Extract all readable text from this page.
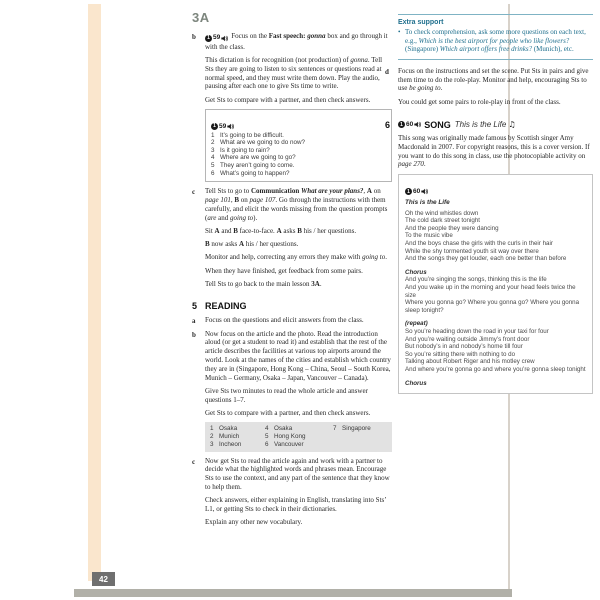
3A
b	1 59 Focus on the Fast speech: gonna box and go through it with the class.

This dictation is for recognition (not production) of gonna. Tell Sts they are going to listen to six sentences or questions read at normal speed, and they must write them down. Play the audio, pausing after each one to give Sts time to write.

Get Sts to compare with a partner, and then check answers.

1 59
1 It’s going to be difficult.
2 What are we going to do now?
3 Is it going to rain?
4 Where are we going to go?
5 They aren’t going to come.
6 What’s going to happen?
c	Tell Sts to go to Communication What are your plans?, A on page 101, B on page 107. Go through the instructions with them carefully, and elicit the words missing from the question prompts (are and going to).

Sit A and B face-to-face. A asks B his / her questions.

B now asks A his / her questions.

Monitor and help, correcting any errors they make with going to.

When they have finished, get feedback from some pairs.

Tell Sts to go back to the main lesson 3A.

5 READING
a	Focus on the questions and elicit answers from the class.

b	Now focus on the article and the photo. Read the introduction aloud (or get a student to read it) and establish that the rest of the article describes the facilities at various top airports around the world. Look at the names of the cities and establish which country they are in (Singapore, Hong Kong – China, Seoul – South Korea, Munich – Germany, Osaka – Japan, Vancouver – Canada).

Give Sts two minutes to read the whole article and answer questions 1–7.

Get Sts to compare with a partner, and then check answers.

1 Osaka
2 Munich
3 Incheon
4 Osaka
5 Hong Kong
6 Vancouver
7 Singapore
c	Now get Sts to read the article again and work with a partner to decide what the highlighted words and phrases mean. Encourage Sts to use the context, and any part of the sentence that they know to help them.

Check answers, either explaining in English, translating into Sts’ L1, or getting Sts to check in their dictionaries.

Explain any other new vocabulary.

Extra support
• To check comprehension, ask some more questions on each text, e.g., Which is the best airport for people who like flowers? (Singapore) Which airport offers free drinks? (Munich), etc.
d	Focus on the instructions and set the scene. Put Sts in pairs and give them time to do the role-play. Monitor and help, encouraging Sts to use be going to.

You could get some pairs to role-play in front of the class.

6	1 60 SONG This is the Life ♫

This song was originally made famous by Scottish singer Amy Macdonald in 2007. For copyright reasons, this is a cover version. If you want to do this song in class, use the photocopiable activity on page 270.

1 60
This is the Life
Oh the wind whistles down
The cold dark street tonight
And the people they were dancing
To the music vibe
And the boys chase the girls with the curls in their hair
While the shy tormented youth sit way over there
And the songs they get louder, each one better than before
Chorus
And you’re singing the songs, thinking this is the life
And you wake up in the morning and your head feels twice the size
Where you gonna go? Where you gonna go? Where you gonna sleep tonight?
(repeat)
So you’re heading down the road in your taxi for four
And you’re waiting outside Jimmy’s front door
But nobody’s in and nobody’s home till four
So you’re sitting there with nothing to do
Talking about Robert Riger and his motley crew
And where you’re gonna go and where you’re gonna sleep tonight
Chorus
42
